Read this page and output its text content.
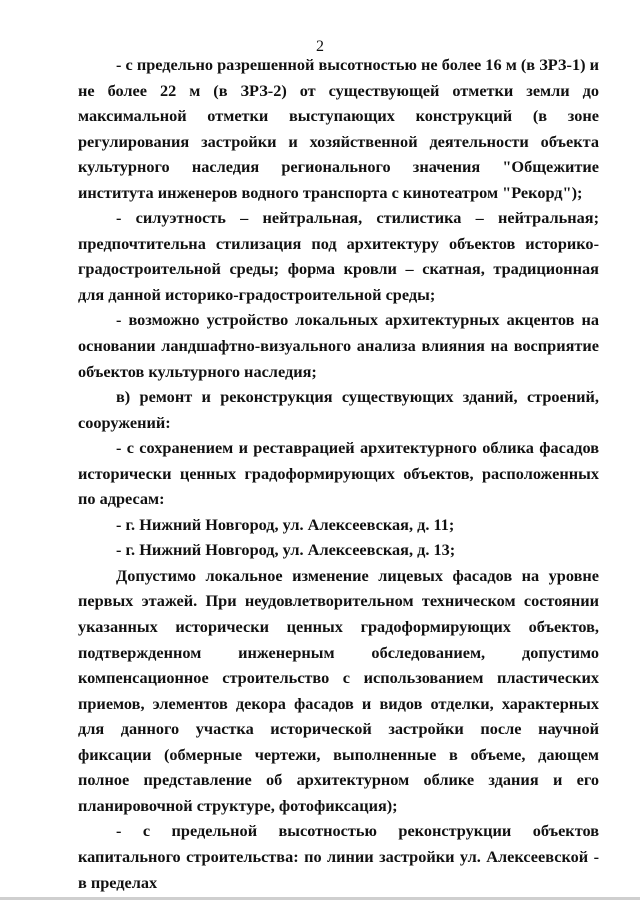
2

- с предельно разрешенной высотностью не более 16 м (в ЗРЗ-1) и не более 22 м (в ЗРЗ-2) от существующей отметки земли до максимальной отметки выступающих конструкций (в зоне регулирования застройки и хозяйственной деятельности объекта культурного наследия регионального значения "Общежитие института инженеров водного транспорта с кинотеатром "Рекорд");

- силуэтность – нейтральная, стилистика – нейтральная; предпочтительна стилизация под архитектуру объектов историко-градостроительной среды; форма кровли – скатная, традиционная для данной историко-градостроительной среды;

- возможно устройство локальных архитектурных акцентов на основании ландшафтно-визуального анализа влияния на восприятие объектов культурного наследия;

в) ремонт и реконструкция существующих зданий, строений, сооружений:

- с сохранением и реставрацией архитектурного облика фасадов исторически ценных градоформирующих объектов, расположенных по адресам:

- г. Нижний Новгород, ул. Алексеевская, д. 11;

- г. Нижний Новгород, ул. Алексеевская, д. 13;

Допустимо локальное изменение лицевых фасадов на уровне первых этажей. При неудовлетворительном техническом состоянии указанных исторически ценных градоформирующих объектов, подтвержденном инженерным обследованием, допустимо компенсационное строительство с использованием пластических приемов, элементов декора фасадов и видов отделки, характерных для данного участка исторической застройки после научной фиксации (обмерные чертежи, выполненные в объеме, дающем полное представление об архитектурном облике здания и его планировочной структуре, фотофиксация);

- с предельной высотностью реконструкции объектов капитального строительства: по линии застройки ул. Алексеевской - в пределах
